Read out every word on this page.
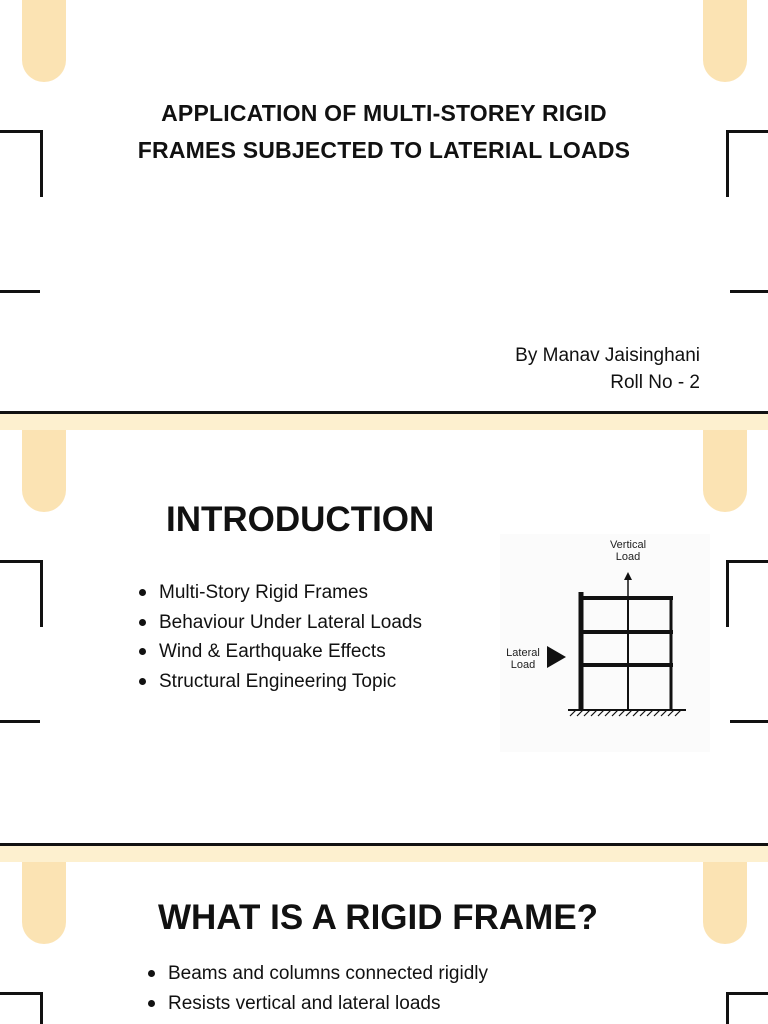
APPLICATION OF MULTI-STOREY RIGID
FRAMES SUBJECTED TO LATERIAL LOADS
By Manav Jaisinghani
Roll No - 2
INTRODUCTION
Multi-Story Rigid Frames
Behaviour Under Lateral Loads
Wind & Earthquake Effects
Structural Engineering Topic
Vertical
Load
Lateral
Load
WHAT IS A RIGID FRAME?
Beams and columns connected rigidly
Resists vertical and lateral loads
